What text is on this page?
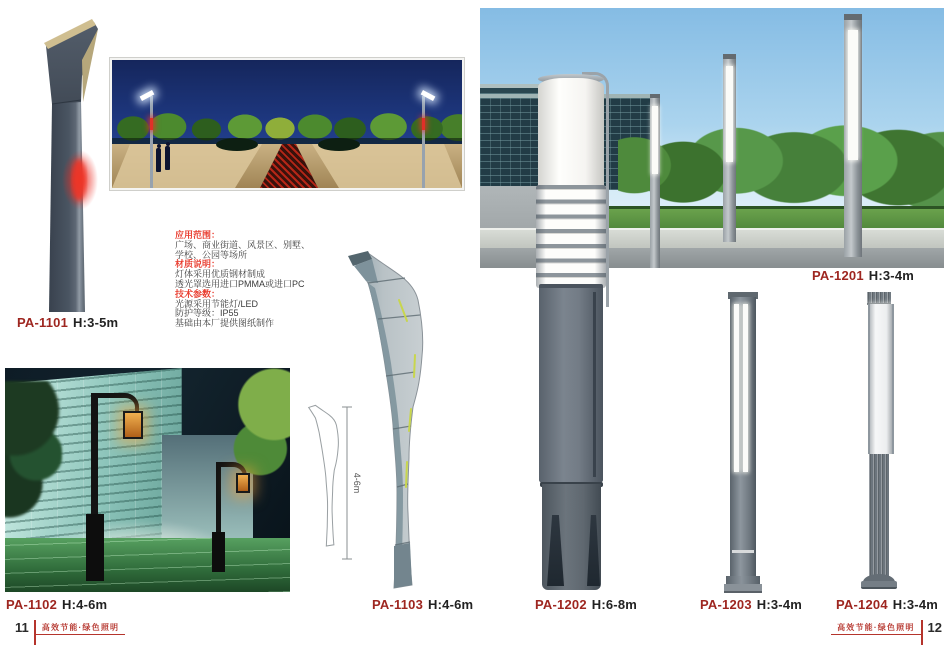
应用范围：
广场、商业街道、风景区、别墅、
学校、公园等场所
材质说明：
灯体采用优质钢材制成
透光罩选用进口PMMA或进口PC
技术参数：
光源采用节能灯/LED
防护等级：IP55
基础由本厂提供图纸制作
4-6m
PA-1101 H:3-5m
PA-1102 H:4-6m	PA-1103 H:4-6m
PA-1201 H:3-4m
PA-1202 H:6-8m	PA-1203 H:3-4m	PA-1204 H:3-4m
11	高效节能·绿色照明	高效节能·绿色照明	12
